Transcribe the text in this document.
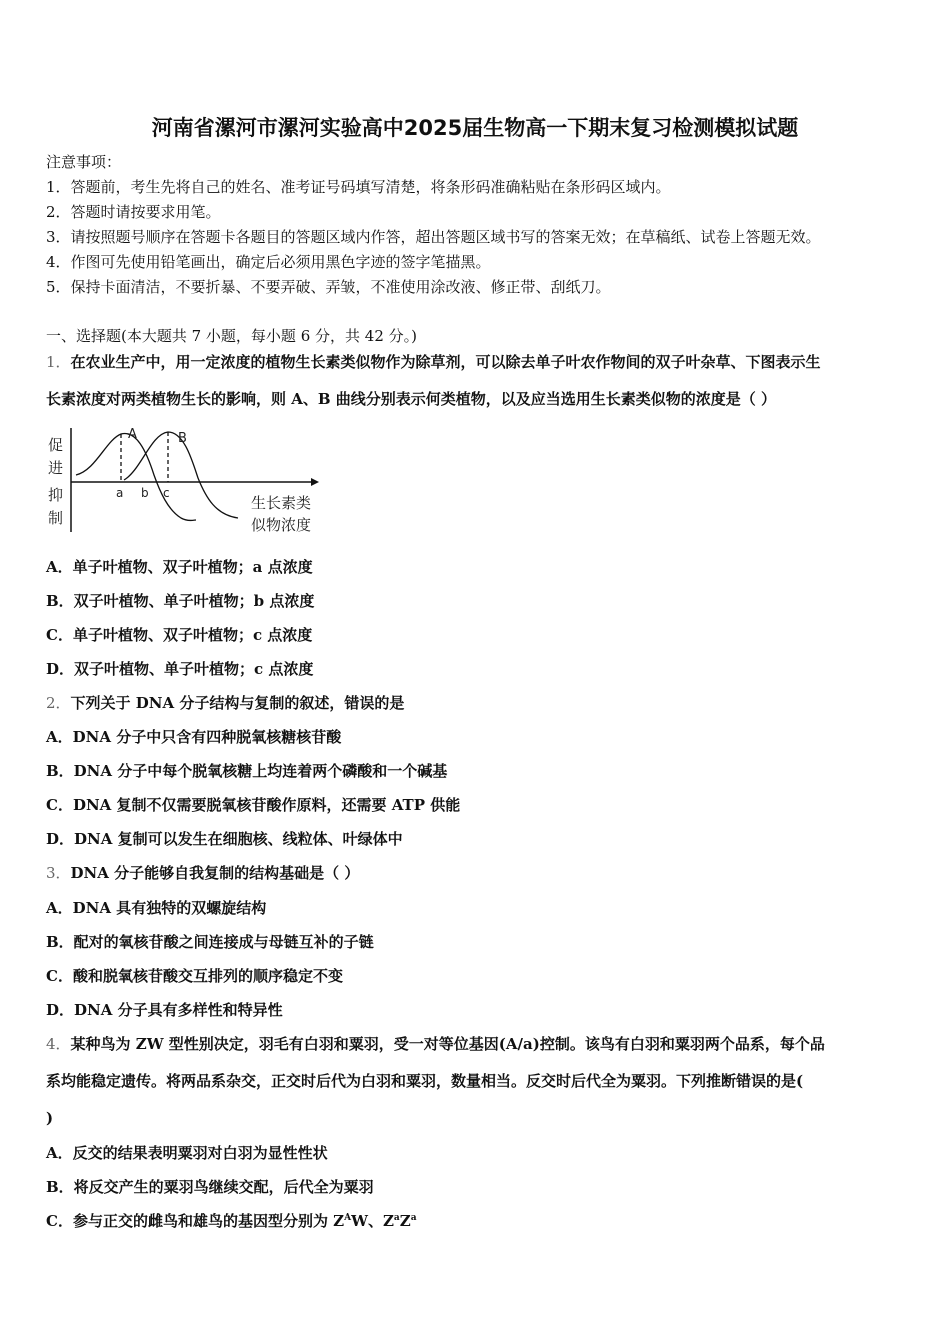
河南省漯河市漯河实验高中2025届生物高一下期末复习检测模拟试题
注意事项：
1．答题前，考生先将自己的姓名、准考证号码填写清楚，将条形码准确粘贴在条形码区域内。
2．答题时请按要求用笔。
3．请按照题号顺序在答题卡各题目的答题区域内作答，超出答题区域书写的答案无效；在草稿纸、试卷上答题无效。
4．作图可先使用铅笔画出，确定后必须用黑色字迹的签字笔描黑。
5．保持卡面清洁，不要折暴、不要弄破、弄皱，不准使用涂改液、修正带、刮纸刀。
一、选择题(本大题共 7 小题，每小题 6 分，共 42 分。)
1．在农业生产中，用一定浓度的植物生长素类似物作为除草剂，可以除去单子叶农作物间的双子叶杂草、下图表示生
长素浓度对两类植物生长的影响，则 A、B 曲线分别表示何类植物，以及应当选用生长素类似物的浓度是（ ）
促
进
抑
制
A	B
a b c
生长素类
似物浓度
A．单子叶植物、双子叶植物；a 点浓度
B．双子叶植物、单子叶植物；b 点浓度
C．单子叶植物、双子叶植物；c 点浓度
D．双子叶植物、单子叶植物；c 点浓度
2．下列关于 DNA 分子结构与复制的叙述，错误的是
A．DNA 分子中只含有四种脱氧核糖核苷酸
B．DNA 分子中每个脱氧核糖上均连着两个磷酸和一个碱基
C．DNA 复制不仅需要脱氧核苷酸作原料，还需要 ATP 供能
D．DNA 复制可以发生在细胞核、线粒体、叶绿体中
3．DNA 分子能够自我复制的结构基础是（ ）
A．DNA 具有独特的双螺旋结构
B．配对的氧核苷酸之间连接成与母链互补的子链
C．酸和脱氧核苷酸交互排列的顺序稳定不变
D．DNA 分子具有多样性和特异性
4．某种鸟为 ZW 型性别决定，羽毛有白羽和粟羽，受一对等位基因(A/a)控制。该鸟有白羽和粟羽两个品系，每个品
系均能稳定遗传。将两品系杂交，正交时后代为白羽和粟羽，数量相当。反交时后代全为粟羽。下列推断错误的是(
)
A．反交的结果表明粟羽对白羽为显性性状
B．将反交产生的粟羽鸟继续交配，后代全为粟羽
C．参与正交的雌鸟和雄鸟的基因型分别为 $Z^AW$、$Z^aZ^a$
